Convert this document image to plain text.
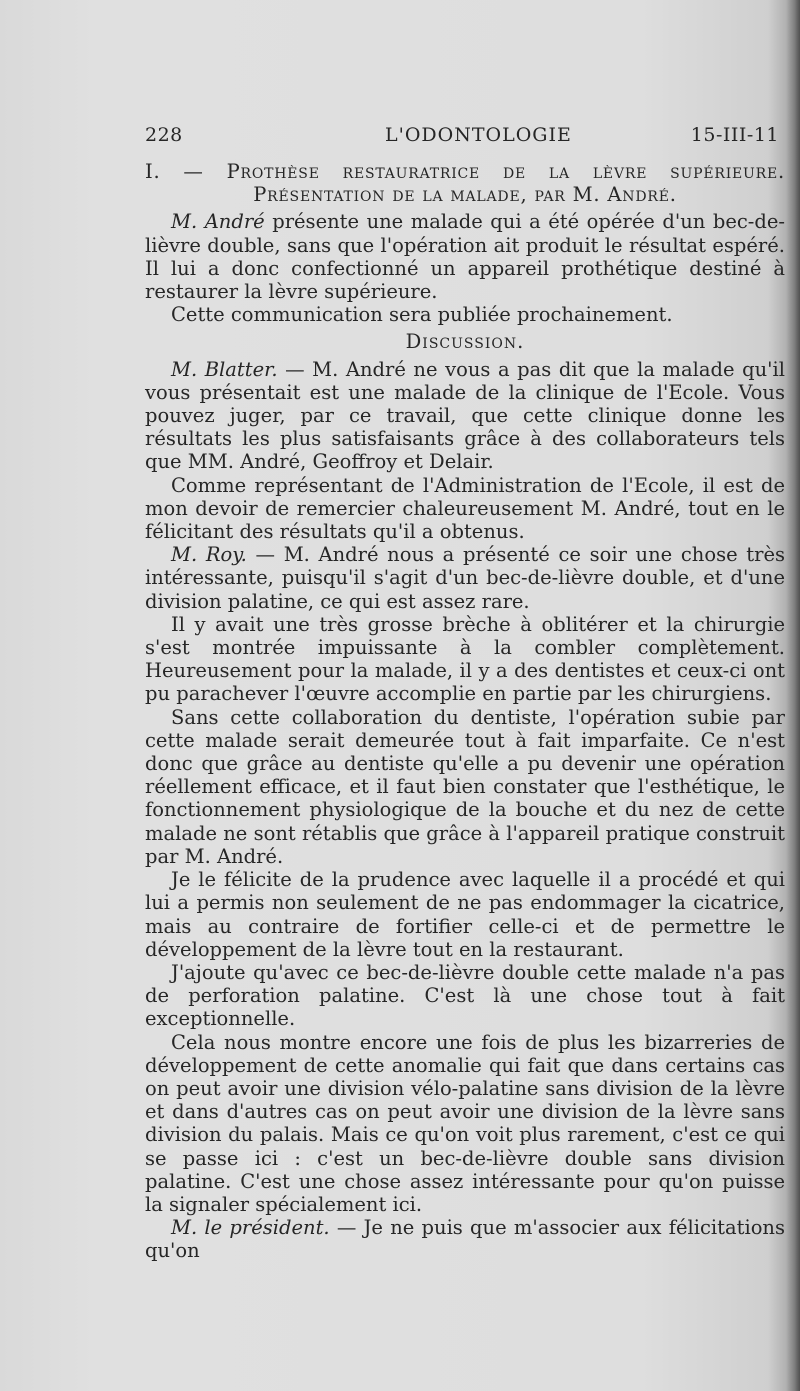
228	L'ODONTOLOGIE	15-III-11

I. — Prothèse restauratrice de la lèvre supérieure. Présentation de la malade, par M. André.

M. André présente une malade qui a été opérée d'un bec-de-lièvre double, sans que l'opération ait produit le résultat espéré. Il lui a donc confectionné un appareil prothétique destiné à restaurer la lèvre supérieure.

Cette communication sera publiée prochainement.

Discussion.

M. Blatter. — M. André ne vous a pas dit que la malade qu'il vous présentait est une malade de la clinique de l'Ecole. Vous pouvez juger, par ce travail, que cette clinique donne les résultats les plus satisfaisants grâce à des collaborateurs tels que MM. André, Geoffroy et Delair.

Comme représentant de l'Administration de l'Ecole, il est de mon devoir de remercier chaleureusement M. André, tout en le félicitant des résultats qu'il a obtenus.

M. Roy. — M. André nous a présenté ce soir une chose très intéressante, puisqu'il s'agit d'un bec-de-lièvre double, et d'une division palatine, ce qui est assez rare.

Il y avait une très grosse brèche à oblitérer et la chirurgie s'est montrée impuissante à la combler complètement. Heureusement pour la malade, il y a des dentistes et ceux-ci ont pu parachever l'œuvre accomplie en partie par les chirurgiens.

Sans cette collaboration du dentiste, l'opération subie par cette malade serait demeurée tout à fait imparfaite. Ce n'est donc que grâce au dentiste qu'elle a pu devenir une opération réellement efficace, et il faut bien constater que l'esthétique, le fonctionnement physiologique de la bouche et du nez de cette malade ne sont rétablis que grâce à l'appareil pratique construit par M. André.

Je le félicite de la prudence avec laquelle il a procédé et qui lui a permis non seulement de ne pas endommager la cicatrice, mais au contraire de fortifier celle-ci et de permettre le développement de la lèvre tout en la restaurant.

J'ajoute qu'avec ce bec-de-lièvre double cette malade n'a pas de perforation palatine. C'est là une chose tout à fait exceptionnelle.

Cela nous montre encore une fois de plus les bizarreries de développement de cette anomalie qui fait que dans certains cas on peut avoir une division vélo-palatine sans division de la lèvre et dans d'autres cas on peut avoir une division de la lèvre sans division du palais. Mais ce qu'on voit plus rarement, c'est ce qui se passe ici : c'est un bec-de-lièvre double sans division palatine. C'est une chose assez intéressante pour qu'on puisse la signaler spécialement ici.

M. le président. — Je ne puis que m'associer aux félicitations qu'on
